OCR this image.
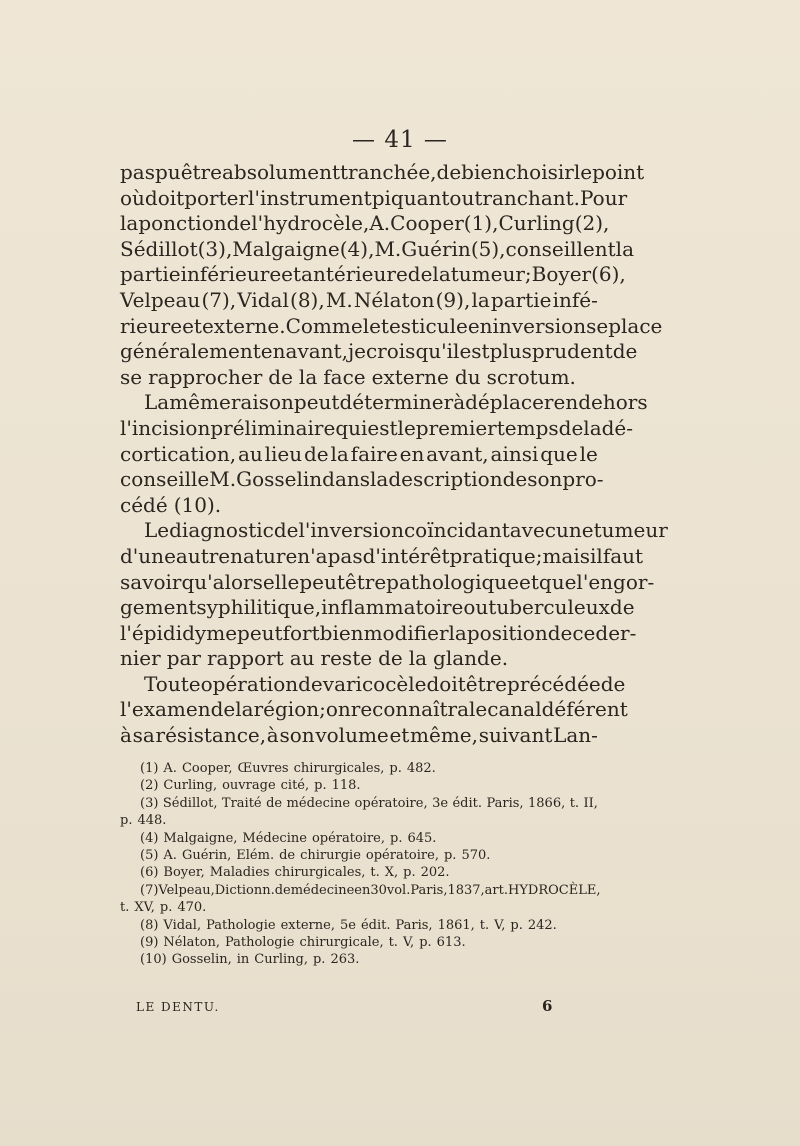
— 41 —
pas pu être absolument tranchée, de bien choisir le point
où doit porter l'instrument piquant ou tranchant. Pour
la ponction de l'hydrocèle, A. Cooper (1), Curling (2),
Sédillot (3), Malgaigne (4), M. Guérin (5), conseillent la
partie inférieure et antérieure de la tumeur; Boyer (6),
Velpeau (7), Vidal (8), M. Nélaton (9), la partie infé-
rieure et externe. Comme le testicule en inversion se place
généralement en avant, je crois qu'il est plus prudent de
se rapprocher de la face externe du scrotum.
La même raison peut déterminer à déplacer en dehors
l'incision préliminaire qui est le premier temps de la dé-
cortication, au lieu de la faire en avant, ainsi que le
conseille M. Gosselin dans la description de son pro-
cédé (10).
Le diagnostic de l'inversion coïncidant avec une tumeur
d'une autre nature n'a pas d'intérêt pratique; mais il faut
savoir qu'alors elle peut être pathologique et que l'engor-
gement syphilitique, inflammatoire ou tuberculeux de
l'épididyme peut fort bien modifier la position de ce der-
nier par rapport au reste de la glande.
Toute opération de varicocèle doit être précédée de
l'examen de la région; on reconnaîtra le canal déférent
à sa résistance, à son volume et même, suivant Lan-
(1) A. Cooper, Œuvres chirurgicales, p. 482.
(2) Curling, ouvrage cité, p. 118.
(3) Sédillot, Traité de médecine opératoire, 3e édit. Paris, 1866, t. II,
p. 448.
(4) Malgaigne, Médecine opératoire, p. 645.
(5) A. Guérin, Elém. de chirurgie opératoire, p. 570.
(6) Boyer, Maladies chirurgicales, t. X, p. 202.
(7) Velpeau, Dictionn. de médecine en 30 vol. Paris, 1837, art. HYDROCÈLE,
t. XV, p. 470.
(8) Vidal, Pathologie externe, 5e édit. Paris, 1861, t. V, p. 242.
(9) Nélaton, Pathologie chirurgicale, t. V, p. 613.
(10) Gosselin, in Curling, p. 263.
LE DENTU.	6
